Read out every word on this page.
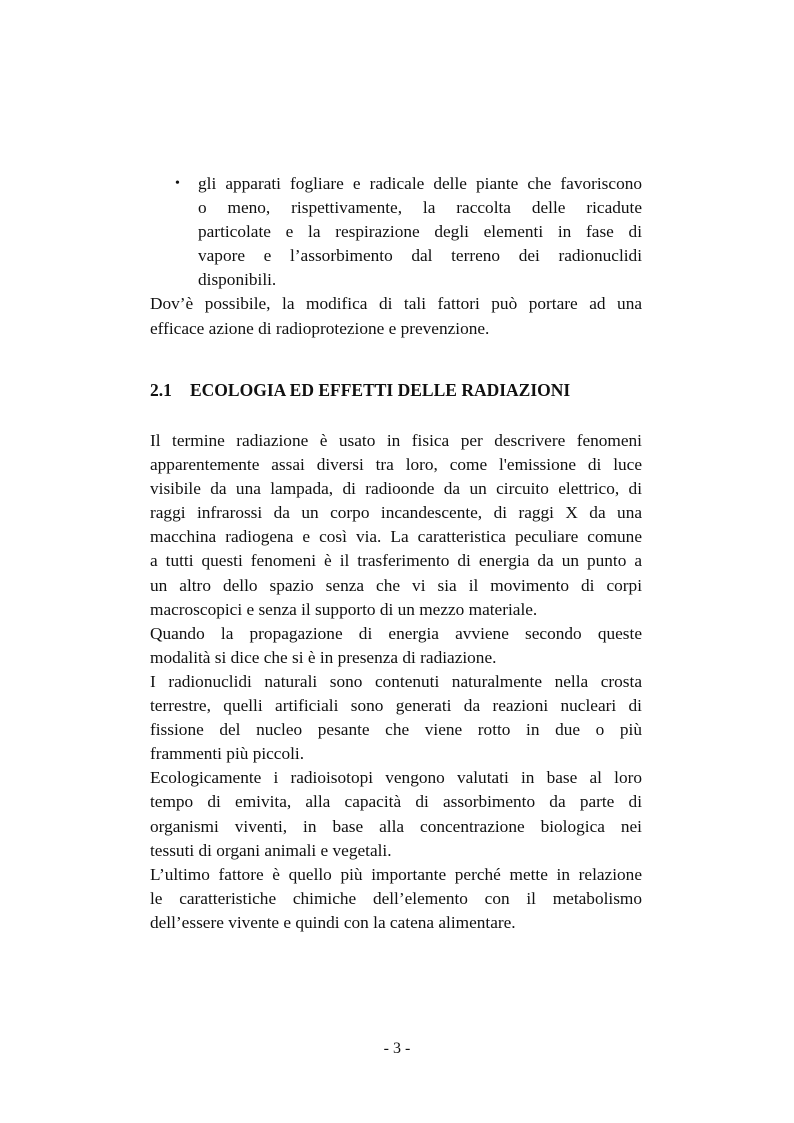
• gli apparati fogliare e radicale delle piante che favoriscono
o meno, rispettivamente, la raccolta delle ricadute
particolate e la respirazione degli elementi in fase di
vapore e l’assorbimento dal terreno dei radionuclidi
disponibili.
Dov’è possibile, la modifica di tali fattori può portare ad una
efficace azione di radioprotezione e prevenzione.
2.1 ECOLOGIA ED EFFETTI DELLE RADIAZIONI
Il termine radiazione è usato in fisica per descrivere fenomeni
apparentemente assai diversi tra loro, come l'emissione di luce
visibile da una lampada, di radioonde da un circuito elettrico, di
raggi infrarossi da un corpo incandescente, di raggi X da una
macchina radiogena e così via. La caratteristica peculiare comune
a tutti questi fenomeni è il trasferimento di energia da un punto a
un altro dello spazio senza che vi sia il movimento di corpi
macroscopici e senza il supporto di un mezzo materiale.
Quando la propagazione di energia avviene secondo queste
modalità si dice che si è in presenza di radiazione.
I radionuclidi naturali sono contenuti naturalmente nella crosta
terrestre, quelli artificiali sono generati da reazioni nucleari di
fissione del nucleo pesante che viene rotto in due o più
frammenti più piccoli.
Ecologicamente i radioisotopi vengono valutati in base al loro
tempo di emivita, alla capacità di assorbimento da parte di
organismi viventi, in base alla concentrazione biologica nei
tessuti di organi animali e vegetali.
L’ultimo fattore è quello più importante perché mette in relazione
le caratteristiche chimiche dell’elemento con il metabolismo
dell’essere vivente e quindi con la catena alimentare.
- 3 -
